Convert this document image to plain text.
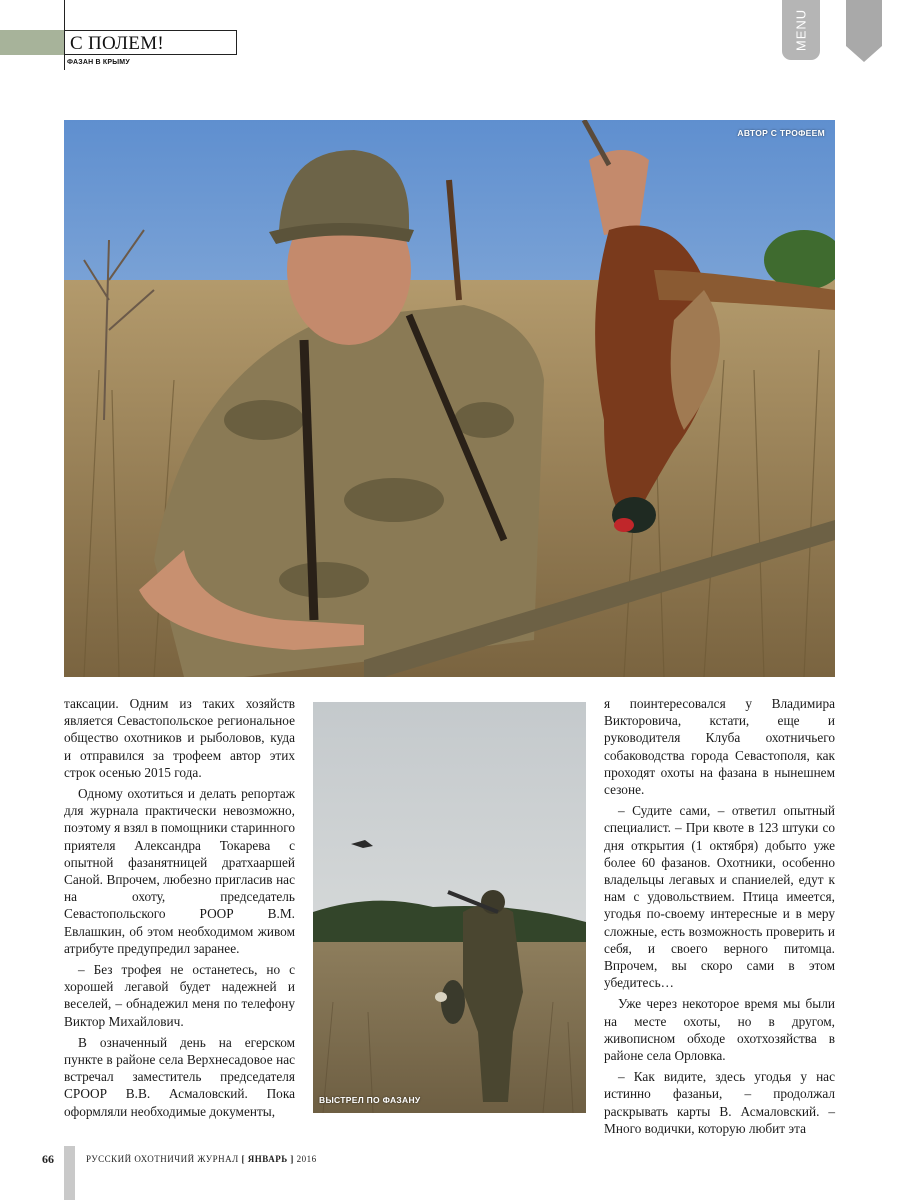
С ПОЛЕМ!
ФАЗАН В КРЫМУ
MENU
АВТОР С ТРОФЕЕМ
ВЫСТРЕЛ ПО ФАЗАНУ

таксации. Одним из таких хозяйств является Севастопольское региональное общество охотников и рыболовов, куда и отправился за трофеем автор этих строк осенью 2015 года.

Одному охотиться и делать репортаж для журнала практически невозможно, поэтому я взял в помощники старинного приятеля Александра Токарева с опытной фазанятницей дратхааршей Саной. Впрочем, любезно пригласив нас на охоту, председатель Севастопольского РООР В.М. Евлашкин, об этом необходимом живом атрибуте предупредил заранее.

– Без трофея не останетесь, но с хорошей легавой будет надежней и веселей, – обнадежил меня по телефону Виктор Михайлович.

В означенный день на егерском пункте в районе села Верхнесадовое нас встречал заместитель председателя СРООР В.В. Асмаловский. Пока оформляли необходимые документы,

я поинтересовался у Владимира Викторовича, кстати, еще и руководителя Клуба охотничьего собаководства города Севастополя, как проходят охоты на фазана в нынешнем сезоне.

– Судите сами, – ответил опытный специалист. – При квоте в 123 штуки со дня открытия (1 октября) добыто уже более 60 фазанов. Охотники, особенно владельцы легавых и спаниелей, едут к нам с удовольствием. Птица имеется, угодья по-своему интересные и в меру сложные, есть возможность проверить и себя, и своего верного питомца. Впрочем, вы скоро сами в этом убедитесь…

Уже через некоторое время мы были на месте охоты, но в другом, живописном обходе охотхозяйства в районе села Орловка.

– Как видите, здесь угодья у нас истинно фазаньи, – продолжал раскрывать карты В. Асмаловский. – Много водички, которую любит эта

66	РУССКИЙ ОХОТНИЧИЙ ЖУРНАЛ [ ЯНВАРЬ ] 2016
